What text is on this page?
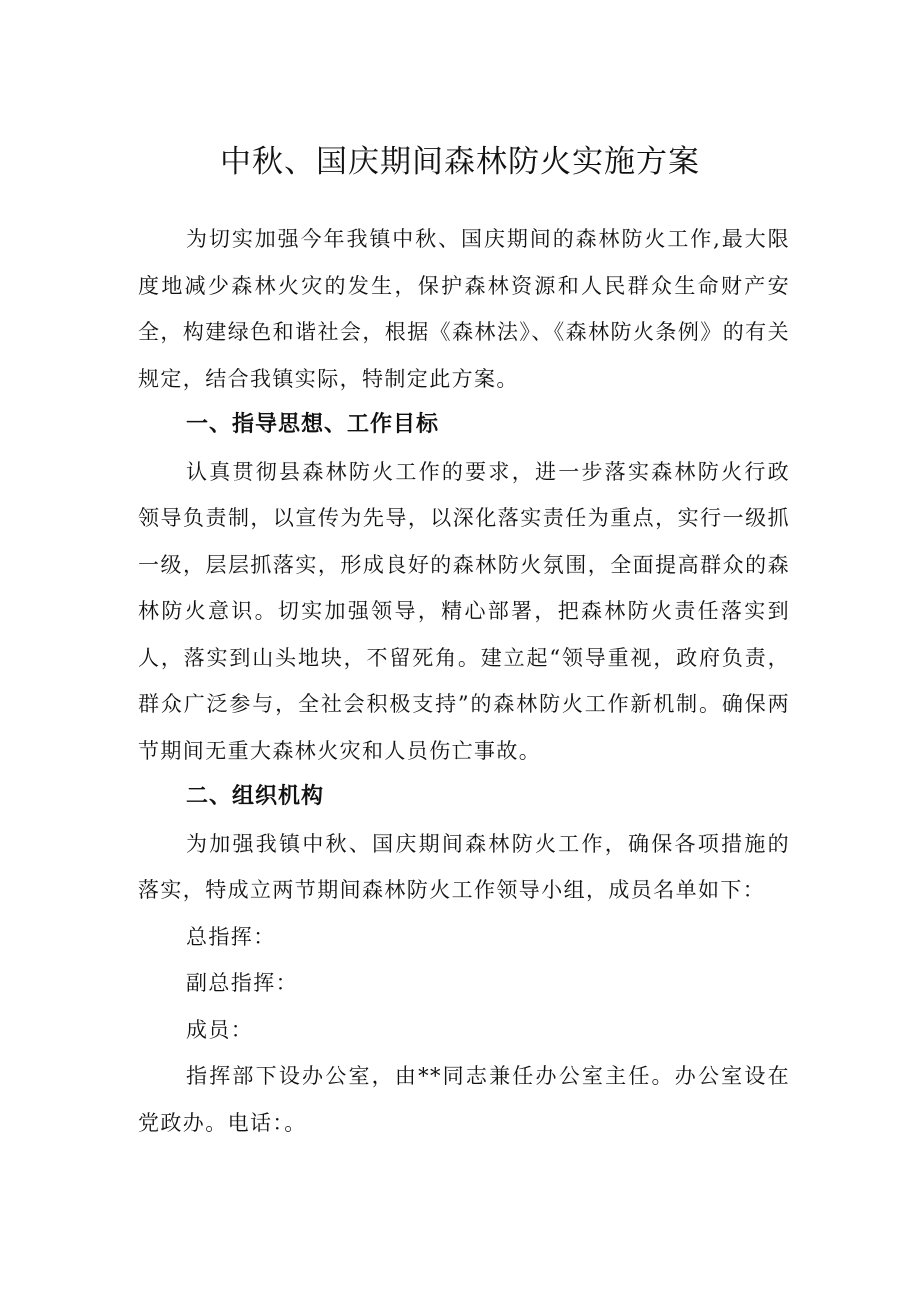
中秋、国庆期间森林防火实施方案

为切实加强今年我镇中秋、国庆期间的森林防火工作,最大限度地减少森林火灾的发生，保护森林资源和人民群众生命财产安全，构建绿色和谐社会，根据《森林法》、《森林防火条例》的有关规定，结合我镇实际，特制定此方案。

一、指导思想、工作目标

认真贯彻县森林防火工作的要求，进一步落实森林防火行政领导负责制，以宣传为先导，以深化落实责任为重点，实行一级抓一级，层层抓落实，形成良好的森林防火氛围，全面提高群众的森林防火意识。切实加强领导，精心部署，把森林防火责任落实到人，落实到山头地块，不留死角。建立起“领导重视，政府负责，群众广泛参与，全社会积极支持”的森林防火工作新机制。确保两节期间无重大森林火灾和人员伤亡事故。

二、组织机构

为加强我镇中秋、国庆期间森林防火工作，确保各项措施的落实，特成立两节期间森林防火工作领导小组，成员名单如下：

总指挥：

副总指挥：

成员：

指挥部下设办公室，由**同志兼任办公室主任。办公室设在党政办。电话：。
